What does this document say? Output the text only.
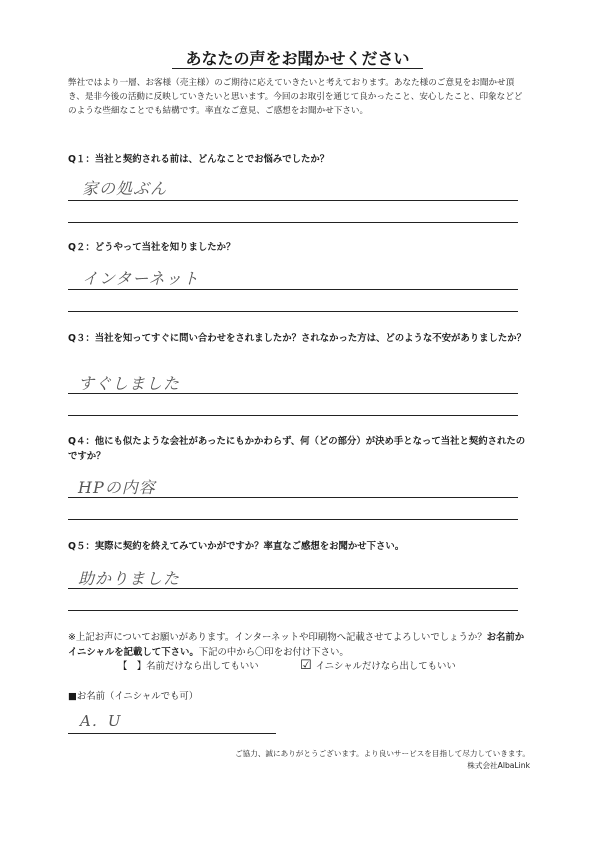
あなたの声をお聞かせください
弊社ではより一層、お客様（売主様）のご期待に応えていきたいと考えております。あなた様のご意見をお聞かせ頂き、是非今後の活動に反映していきたいと思います。今回のお取引を通じて良かったこと、安心したこと、印象などどのような些細なことでも結構です。率直なご意見、ご感想をお聞かせ下さい。
Q１：当社と契約される前は、どんなことでお悩みでしたか？
家の処ぶん
Q２：どうやって当社を知りましたか？
インターネット
Q３：当社を知ってすぐに問い合わせをされましたか？されなかった方は、どのような不安がありましたか？
すぐしました
Q４：他にも似たような会社があったにもかかわらず、何（どの部分）が決め手となって当社と契約されたのですか？
HPの内容
Q５：実際に契約を終えてみていかがですか？率直なご感想をお聞かせ下さい。
助かりました
※上記お声についてお願いがあります。インターネットや印刷物へ記載させてよろしいでしょうか？お名前かイニシャルを記載して下さい。下記の中から〇印をお付け下さい。
【　】名前だけなら出してもいい	☑ イニシャルだけなら出してもいい
■お名前（イニシャルでも可）
A．U
ご協力、誠にありがとうございます。より良いサービスを目指して尽力していきます。
株式会社AlbaLink
